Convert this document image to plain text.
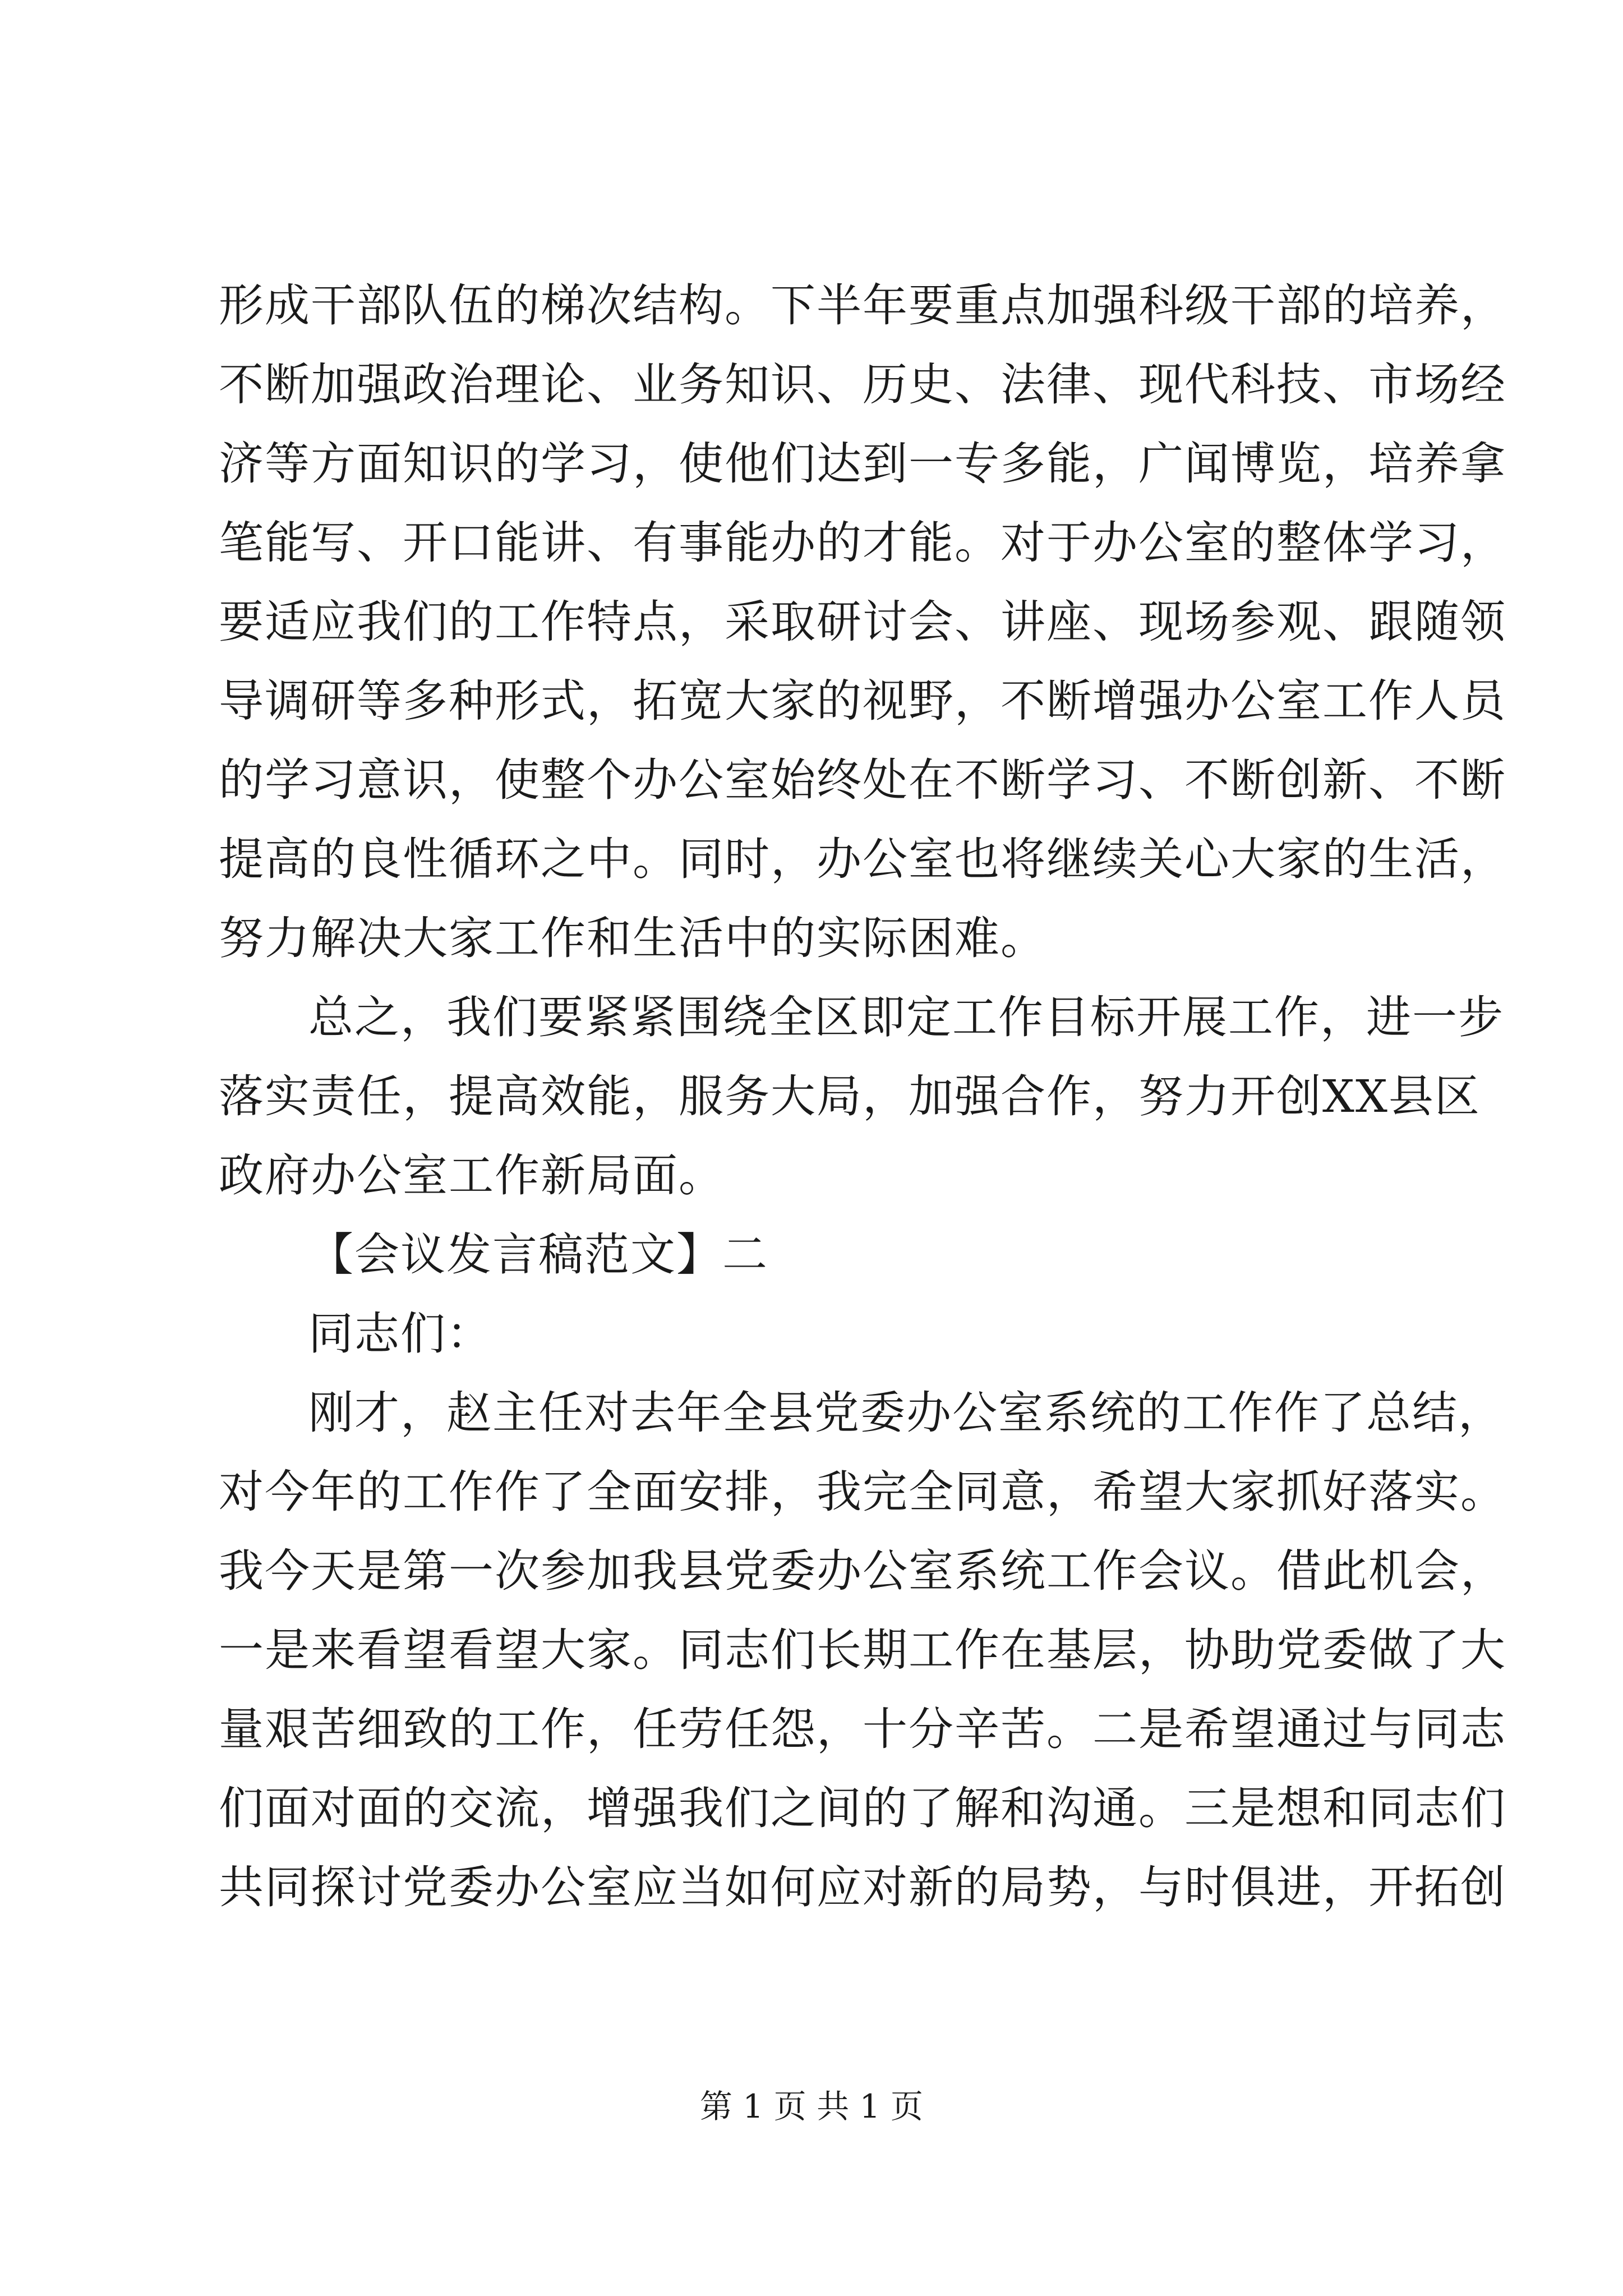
形成干部队伍的梯次结构。下半年要重点加强科级干部的培养，
不断加强政治理论、业务知识、历史、法律、现代科技、市场经
济等方面知识的学习，使他们达到一专多能，广闻博览，培养拿
笔能写、开口能讲、有事能办的才能。对于办公室的整体学习，
要适应我们的工作特点，采取研讨会、讲座、现场参观、跟随领
导调研等多种形式，拓宽大家的视野，不断增强办公室工作人员
的学习意识，使整个办公室始终处在不断学习、不断创新、不断
提高的良性循环之中。同时，办公室也将继续关心大家的生活，
努力解决大家工作和生活中的实际困难。
总之，我们要紧紧围绕全区即定工作目标开展工作，进一步
落实责任，提高效能，服务大局，加强合作，努力开创XX县区
政府办公室工作新局面。
【会议发言稿范文】二
同志们：
刚才，赵主任对去年全县党委办公室系统的工作作了总结，
对今年的工作作了全面安排，我完全同意，希望大家抓好落实。
我今天是第一次参加我县党委办公室系统工作会议。借此机会，
一是来看望看望大家。同志们长期工作在基层，协助党委做了大
量艰苦细致的工作，任劳任怨，十分辛苦。二是希望通过与同志
们面对面的交流，增强我们之间的了解和沟通。三是想和同志们
共同探讨党委办公室应当如何应对新的局势，与时俱进，开拓创
第 1 页 共 1 页
